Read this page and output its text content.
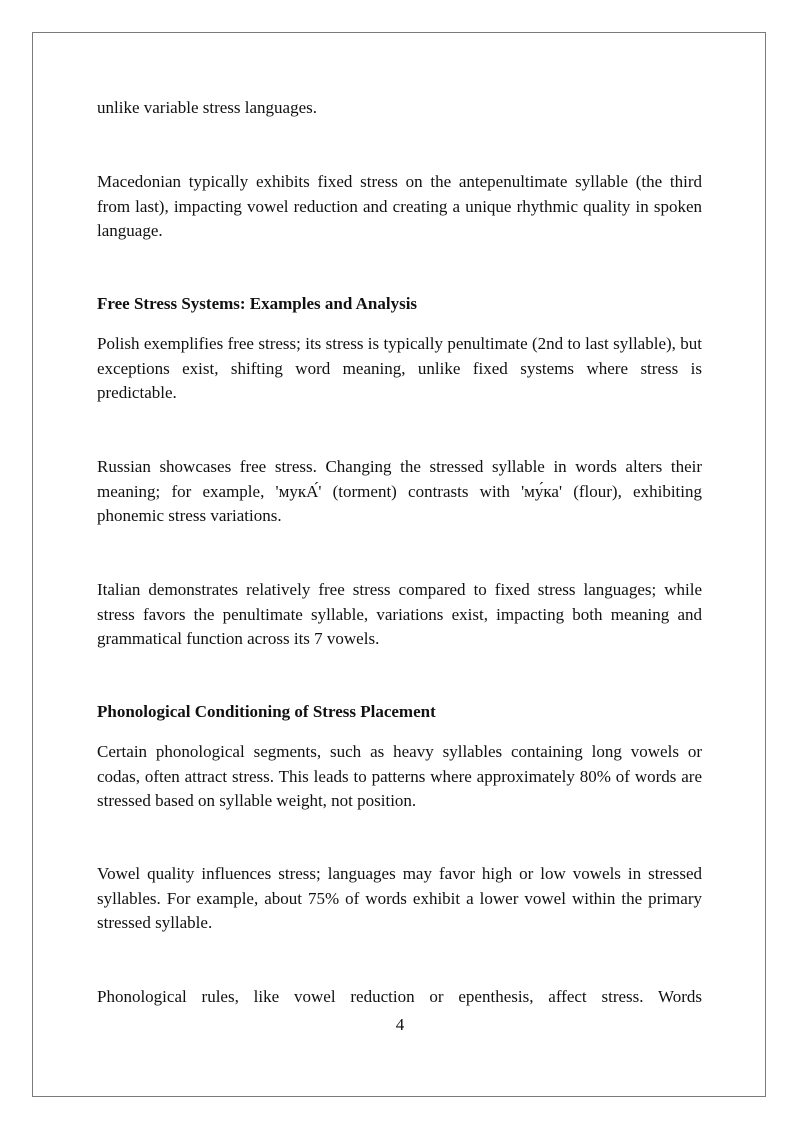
unlike variable stress languages.

Macedonian typically exhibits fixed stress on the antepenultimate syllable (the third from last), impacting vowel reduction and creating a unique rhythmic quality in spoken language.

Free Stress Systems: Examples and Analysis

Polish exemplifies free stress; its stress is typically penultimate (2nd to last syllable), but exceptions exist, shifting word meaning, unlike fixed systems where stress is predictable.

Russian showcases free stress. Changing the stressed syllable in words alters their meaning; for example, 'мукА́' (torment) contrasts with 'му́ка' (flour), exhibiting phonemic stress variations.

Italian demonstrates relatively free stress compared to fixed stress languages; while stress favors the penultimate syllable, variations exist, impacting both meaning and grammatical function across its 7 vowels.

Phonological Conditioning of Stress Placement

Certain phonological segments, such as heavy syllables containing long vowels or codas, often attract stress. This leads to patterns where approximately 80% of words are stressed based on syllable weight, not position.

Vowel quality influences stress; languages may favor high or low vowels in stressed syllables. For example, about 75% of words exhibit a lower vowel within the primary stressed syllable.

Phonological rules, like vowel reduction or epenthesis, affect stress. Words

4
